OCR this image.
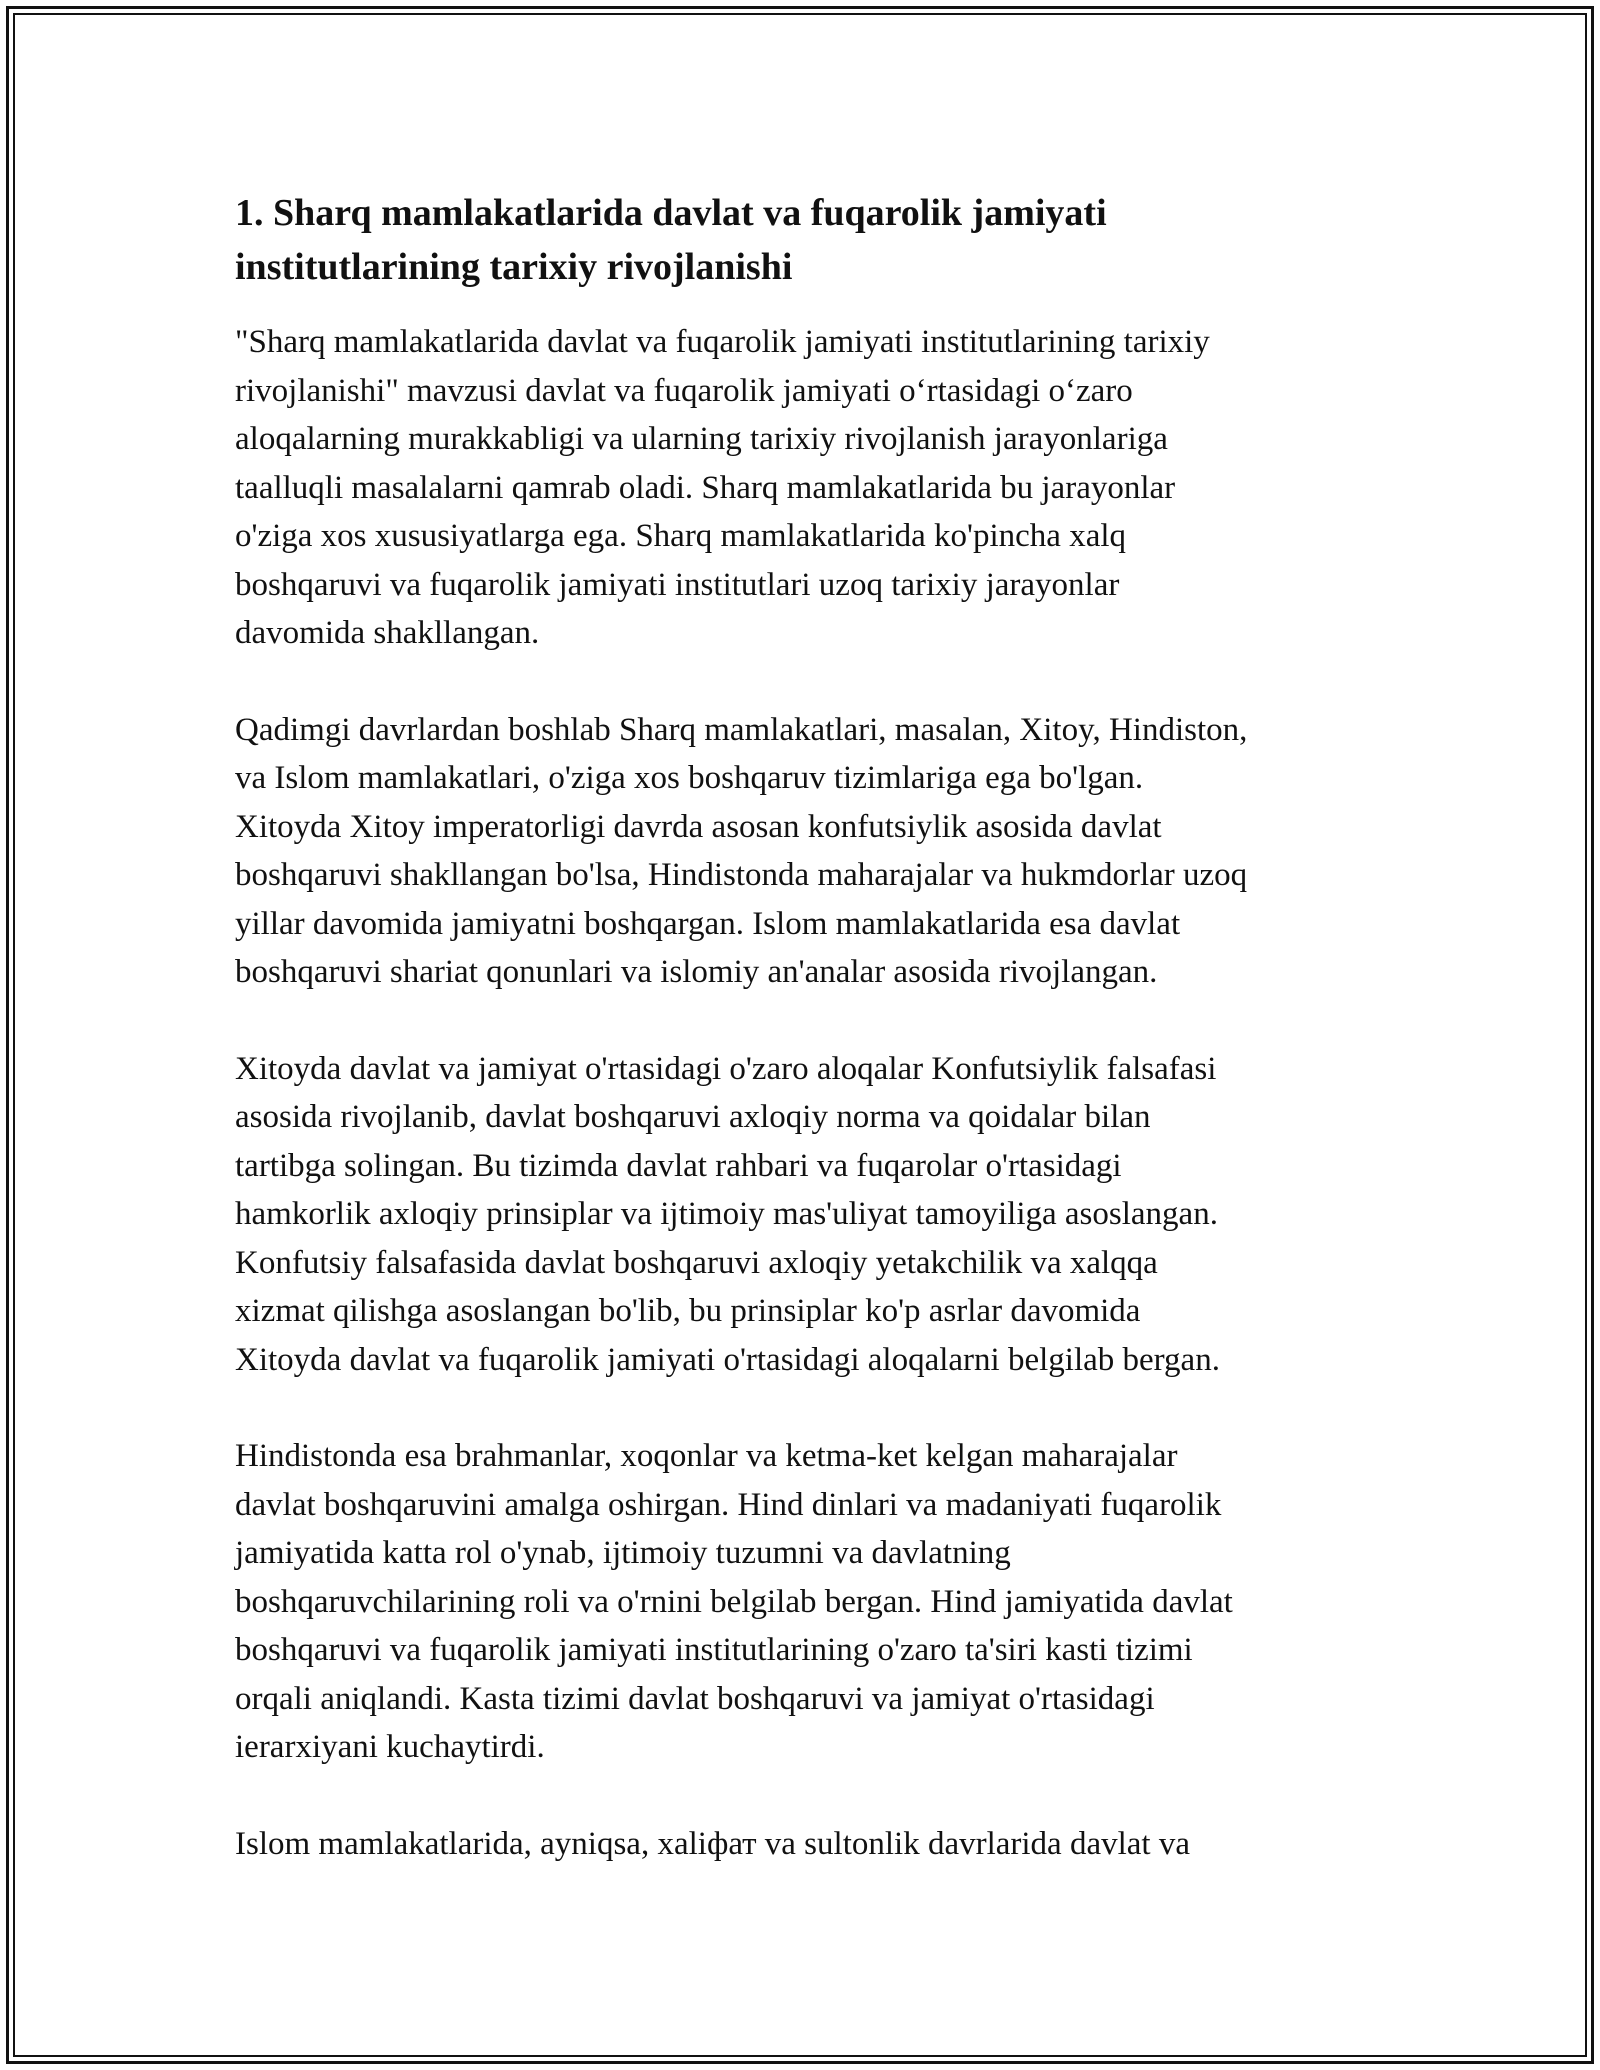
1. Sharq mamlakatlarida davlat va fuqarolik jamiyati
institutlarining tarixiy rivojlanishi

"Sharq mamlakatlarida davlat va fuqarolik jamiyati institutlarining tarixiy
rivojlanishi" mavzusi davlat va fuqarolik jamiyati o‘rtasidagi o‘zaro
aloqalarning murakkabligi va ularning tarixiy rivojlanish jarayonlariga
taalluqli masalalarni qamrab oladi. Sharq mamlakatlarida bu jarayonlar
o'ziga xos xususiyatlarga ega. Sharq mamlakatlarida ko'pincha xalq
boshqaruvi va fuqarolik jamiyati institutlari uzoq tarixiy jarayonlar
davomida shakllangan.

Qadimgi davrlardan boshlab Sharq mamlakatlari, masalan, Xitoy, Hindiston,
va Islom mamlakatlari, o'ziga xos boshqaruv tizimlariga ega bo'lgan.
Xitoyda Xitoy imperatorligi davrda asosan konfutsiylik asosida davlat
boshqaruvi shakllangan bo'lsa, Hindistonda maharajalar va hukmdorlar uzoq
yillar davomida jamiyatni boshqargan. Islom mamlakatlarida esa davlat
boshqaruvi shariat qonunlari va islomiy an'analar asosida rivojlangan.

Xitoyda davlat va jamiyat o'rtasidagi o'zaro aloqalar Konfutsiylik falsafasi
asosida rivojlanib, davlat boshqaruvi axloqiy norma va qoidalar bilan
tartibga solingan. Bu tizimda davlat rahbari va fuqarolar o'rtasidagi
hamkorlik axloqiy prinsiplar va ijtimoiy mas'uliyat tamoyiliga asoslangan.
Konfutsiy falsafasida davlat boshqaruvi axloqiy yetakchilik va xalqqa
xizmat qilishga asoslangan bo'lib, bu prinsiplar ko'p asrlar davomida
Xitoyda davlat va fuqarolik jamiyati o'rtasidagi aloqalarni belgilab bergan.

Hindistonda esa brahmanlar, xoqonlar va ketma-ket kelgan maharajalar
davlat boshqaruvini amalga oshirgan. Hind dinlari va madaniyati fuqarolik
jamiyatida katta rol o'ynab, ijtimoiy tuzumni va davlatning
boshqaruvchilarining roli va o'rnini belgilab bergan. Hind jamiyatida davlat
boshqaruvi va fuqarolik jamiyati institutlarining o'zaro ta'siri kasti tizimi
orqali aniqlandi. Kasta tizimi davlat boshqaruvi va jamiyat o'rtasidagi
ierarxiyani kuchaytirdi.

Islom mamlakatlarida, ayniqsa, xaliфат va sultonlik davrlarida davlat va
